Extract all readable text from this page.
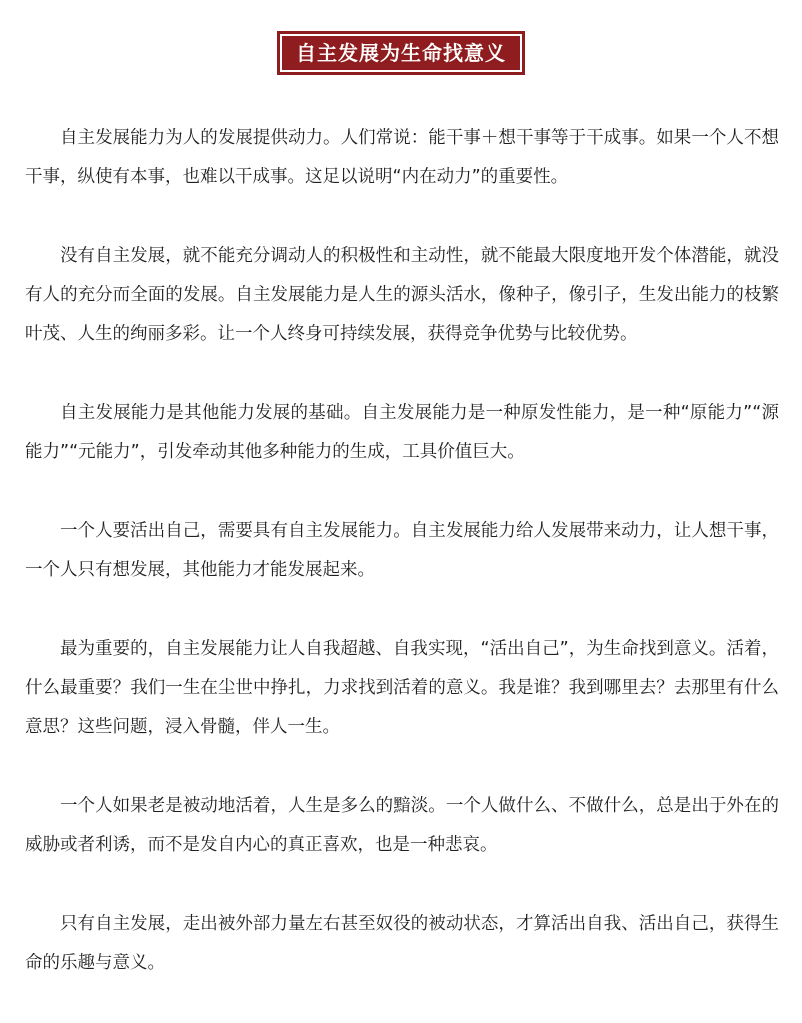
自主发展为生命找意义

自主发展能力为人的发展提供动力。人们常说：能干事＋想干事等于干成事。如果一个人不想干事，纵使有本事，也难以干成事。这足以说明“内在动力”的重要性。

没有自主发展，就不能充分调动人的积极性和主动性，就不能最大限度地开发个体潜能，就没有人的充分而全面的发展。自主发展能力是人生的源头活水，像种子，像引子，生发出能力的枝繁叶茂、人生的绚丽多彩。让一个人终身可持续发展，获得竞争优势与比较优势。

自主发展能力是其他能力发展的基础。自主发展能力是一种原发性能力，是一种“原能力”“源能力”“元能力”，引发牵动其他多种能力的生成，工具价值巨大。

一个人要活出自己，需要具有自主发展能力。自主发展能力给人发展带来动力，让人想干事，一个人只有想发展，其他能力才能发展起来。

最为重要的，自主发展能力让人自我超越、自我实现，“活出自己”，为生命找到意义。活着，什么最重要？我们一生在尘世中挣扎，力求找到活着的意义。我是谁？我到哪里去？去那里有什么意思？这些问题，浸入骨髓，伴人一生。

一个人如果老是被动地活着，人生是多么的黯淡。一个人做什么、不做什么，总是出于外在的威胁或者利诱，而不是发自内心的真正喜欢，也是一种悲哀。

只有自主发展，走出被外部力量左右甚至奴役的被动状态，才算活出自我、活出自己，获得生命的乐趣与意义。
